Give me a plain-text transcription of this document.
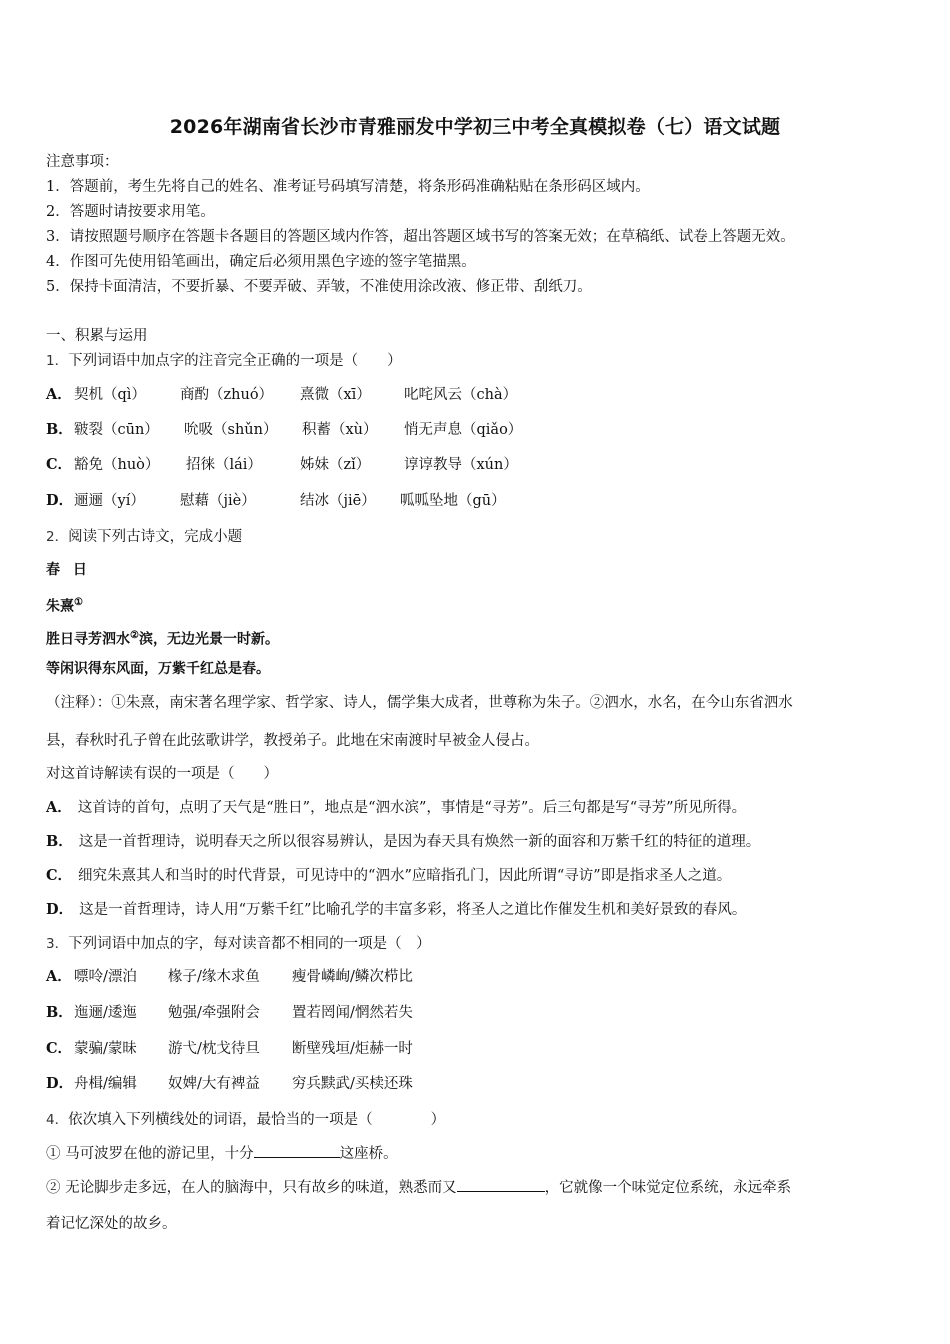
2026年湖南省长沙市青雅丽发中学初三中考全真模拟卷（七）语文试题
注意事项：
1．答题前，考生先将自己的姓名、准考证号码填写清楚，将条形码准确粘贴在条形码区域内。
2．答题时请按要求用笔。
3．请按照题号顺序在答题卡各题目的答题区域内作答，超出答题区域书写的答案无效；在草稿纸、试卷上答题无效。
4．作图可先使用铅笔画出，确定后必须用黑色字迹的签字笔描黑。
5．保持卡面清洁，不要折暴、不要弄破、弄皱，不准使用涂改液、修正带、刮纸刀。
一、积累与运用
1．下列词语中加点字的注音完全正确的一项是（　　）
A． 契机（qì） 商酌（zhuó） 熹微（xī） 叱咤风云（chà）
B． 皲裂（cūn） 吮吸（shǔn） 积蓄（xù） 悄无声息（qiǎo）
C． 豁免（huò） 招徕（lái）	姊妹（zǐ） 谆谆教导（xún）
D． 逦逦（yí） 慰藉（jiè）	结冰（jiē） 呱呱坠地（gū）
2．阅读下列古诗文，完成小题
春 日
朱熹①
胜日寻芳泗水②滨，无边光景一时新。
等闲识得东风面，万紫千红总是春。
（注释）：①朱熹，南宋著名理学家、哲学家、诗人，儒学集大成者，世尊称为朱子。②泗水，水名，在今山东省泗水
县，春秋时孔子曾在此弦歌讲学，教授弟子。此地在宋南渡时早被金人侵占。
对这首诗解读有误的一项是（　　）
A． 这首诗的首句，点明了天气是“胜日”，地点是“泗水滨”，事情是“寻芳”。后三句都是写“寻芳”所见所得。
B． 这是一首哲理诗，说明春天之所以很容易辨认，是因为春天具有焕然一新的面容和万紫千红的特征的道理。
C． 细究朱熹其人和当时的时代背景，可见诗中的“泗水”应暗指孔门，因此所谓“寻访”即是指求圣人之道。
D． 这是一首哲理诗，诗人用“万紫千红”比喻孔学的丰富多彩，将圣人之道比作催发生机和美好景致的春风。
3．下列词语中加点的字，每对读音都不相同的一项是（　）
A． 嘌呤/漂泊 椽子/缘木求鱼 瘦骨嶙峋/鳞次栉比
B． 迤逦/逶迤 勉强/牵强附会 置若罔闻/惘然若失
C． 蒙骗/蒙昧 游弋/枕戈待旦 断壁残垣/炬赫一时
D． 舟楫/编辑 奴婢/大有裨益 穷兵黩武/买椟还珠
4．依次填入下列横线处的词语，最恰当的一项是（　　　　）
① 马可波罗在他的游记里，十分	这座桥。
② 无论脚步走多远，在人的脑海中，只有故乡的味道，熟悉而又	，它就像一个味觉定位系统，永远牵系
着记忆深处的故乡。
